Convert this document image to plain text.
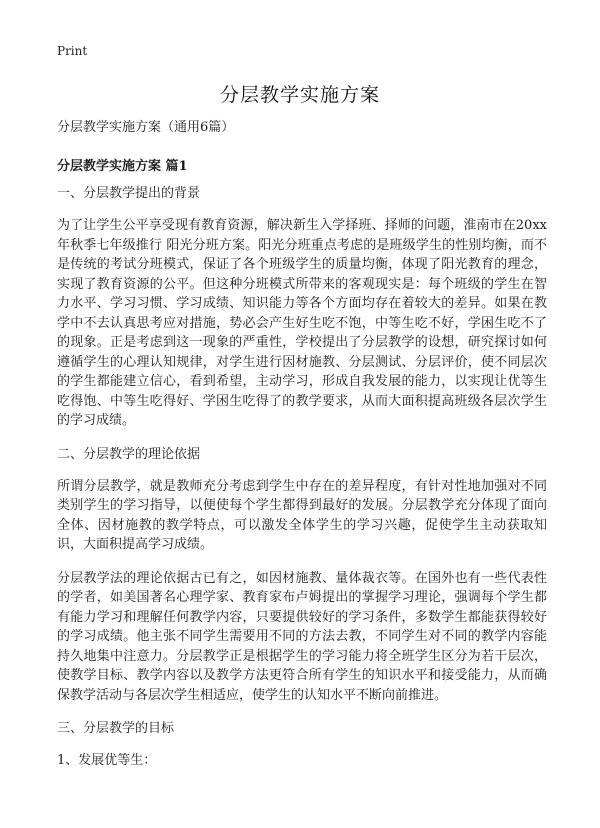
Print
分层教学实施方案

分层教学实施方案（通用6篇）

分层教学实施方案 篇1

一、分层教学提出的背景

为了让学生公平享受现有教育资源，解决新生入学择班、择师的问题，淮南市在20xx年秋季七年级推行 阳光分班方案。阳光分班重点考虑的是班级学生的性别均衡，而不是传统的考试分班模式，保证了各个班级学生的质量均衡，体现了阳光教育的理念，实现了教育资源的公平。但这种分班模式所带来的客观现实是：每个班级的学生在智力水平、学习习惯、学习成绩、知识能力等各个方面均存在着较大的差异。如果在教学中不去认真思考应对措施，势必会产生好生吃不饱，中等生吃不好，学困生吃不了的现象。正是考虑到这一现象的严重性，学校提出了分层教学的设想，研究探讨如何遵循学生的心理认知规律，对学生进行因材施教、分层测试、分层评价，使不同层次的学生都能建立信心，看到希望，主动学习，形成自我发展的能力，以实现让优等生吃得饱、中等生吃得好、学困生吃得了的教学要求，从而大面积提高班级各层次学生的学习成绩。

二、分层教学的理论依据

所谓分层教学，就是教师充分考虑到学生中存在的差异程度，有针对性地加强对不同类别学生的学习指导，以便使每个学生都得到最好的发展。分层教学充分体现了面向全体、因材施教的教学特点，可以激发全体学生的学习兴趣，促使学生主动获取知识，大面积提高学习成绩。

分层教学法的理论依据古已有之，如因材施教、量体裁衣等。在国外也有一些代表性的学者，如美国著名心理学家、教育家布卢姆提出的掌握学习理论，强调每个学生都有能力学习和理解任何教学内容，只要提供较好的学习条件，多数学生都能获得较好的学习成绩。他主张不同学生需要用不同的方法去教，不同学生对不同的教学内容能持久地集中注意力。分层教学正是根据学生的学习能力将全班学生区分为若干层次，使教学目标、教学内容以及教学方法更符合所有学生的知识水平和接受能力，从而确保教学活动与各层次学生相适应，使学生的认知水平不断向前推进。

三、分层教学的目标

1、发展优等生：
